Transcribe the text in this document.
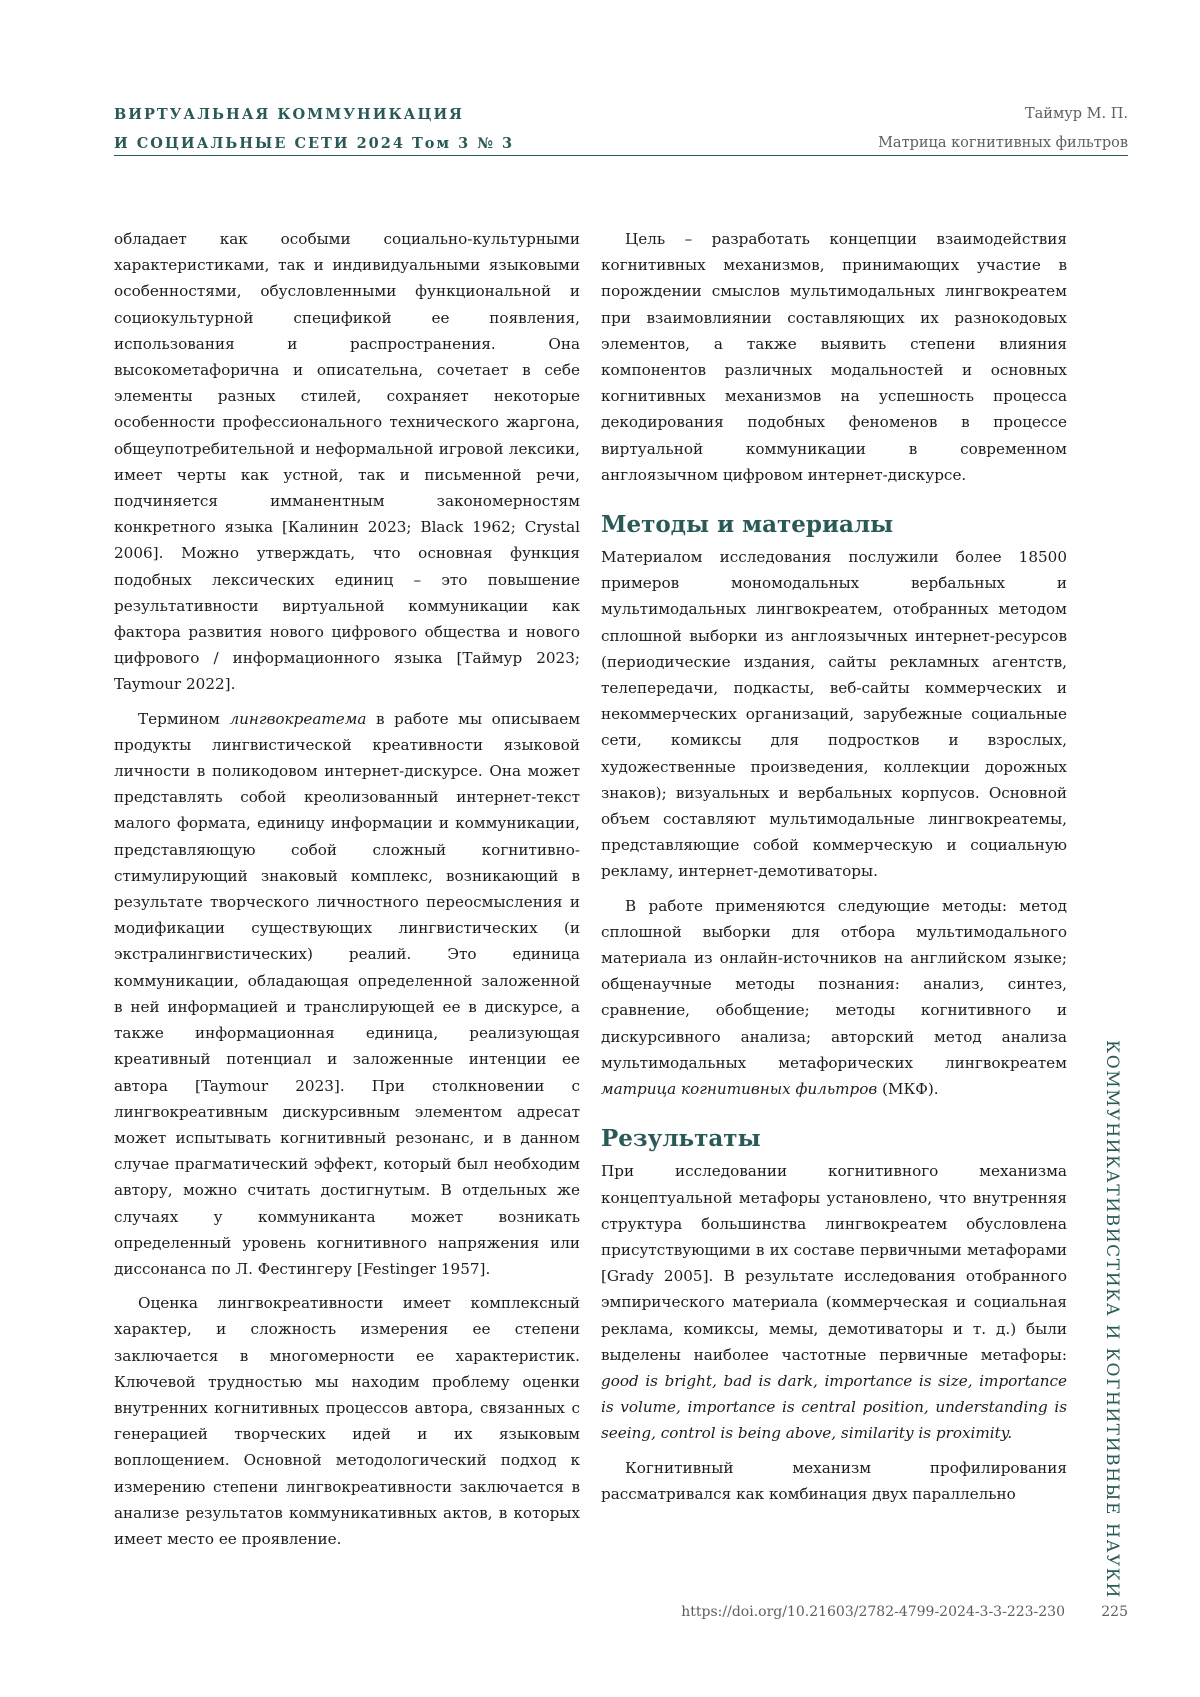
ВИРТУАЛЬНАЯ КОММУНИКАЦИЯ
И СОЦИАЛЬНЫЕ СЕТИ 2024 Том 3 № 3
Таймур М. П.
Матрица когнитивных фильтров

обладает как особыми социально-культурными характеристиками, так и индивидуальными языковыми особенностями, обусловленными функциональной и социокультурной спецификой ее появления, использования и распространения. Она высокометафорична и описательна, сочетает в себе элементы разных стилей, сохраняет некоторые особенности профессионального технического жаргона, общеупотребительной и неформальной игровой лексики, имеет черты как устной, так и письменной речи, подчиняется имманентным закономерностям конкретного языка [Калинин 2023; Black 1962; Crystal 2006]. Можно утверждать, что основная функция подобных лексических единиц – это повышение результативности виртуальной коммуникации как фактора развития нового цифрового общества и нового цифрового / информационного языка [Таймур 2023; Taymour 2022].

Термином лингвокреатема в работе мы описываем продукты лингвистической креативности языковой личности в поликодовом интернет-дискурсе. Она может представлять собой креолизованный интернет-текст малого формата, единицу информации и коммуникации, представляющую собой сложный когнитивно-стимулирующий знаковый комплекс, возникающий в результате творческого личностного переосмысления и модификации существующих лингвистических (и экстралингвистических) реалий. Это единица коммуникации, обладающая определенной заложенной в ней информацией и транслирующей ее в дискурсе, а также информационная единица, реализующая креативный потенциал и заложенные интенции ее автора [Taymour 2023]. При столкновении с лингвокреативным дискурсивным элементом адресат может испытывать когнитивный резонанс, и в данном случае прагматический эффект, который был необходим автору, можно считать достигнутым. В отдельных же случаях у коммуниканта может возникать определенный уровень когнитивного напряжения или диссонанса по Л. Фестингеру [Festinger 1957].

Оценка лингвокреативности имеет комплексный характер, и сложность измерения ее степени заключается в многомерности ее характеристик. Ключевой трудностью мы находим проблему оценки внутренних когнитивных процессов автора, связанных с генерацией творческих идей и их языковым воплощением. Основной методологический подход к измерению степени лингвокреативности заключается в анализе результатов коммуникативных актов, в которых имеет место ее проявление.

Цель – разработать концепции взаимодействия когнитивных механизмов, принимающих участие в порождении смыслов мультимодальных лингвокреатем при взаимовлиянии составляющих их разнокодовых элементов, а также выявить степени влияния компонентов различных модальностей и основных когнитивных механизмов на успешность процесса декодирования подобных феноменов в процессе виртуальной коммуникации в современном англоязычном цифровом интернет-дискурсе.

Методы и материалы

Материалом исследования послужили более 18500 примеров мономодальных вербальных и мультимодальных лингвокреатем, отобранных методом сплошной выборки из англоязычных интернет-ресурсов (периодические издания, сайты рекламных агентств, телепередачи, подкасты, веб-сайты коммерческих и некоммерческих организаций, зарубежные социальные сети, комиксы для подростков и взрослых, художественные произведения, коллекции дорожных знаков); визуальных и вербальных корпусов. Основной объем составляют мультимодальные лингвокреатемы, представляющие собой коммерческую и социальную рекламу, интернет-демотиваторы.

В работе применяются следующие методы: метод сплошной выборки для отбора мультимодального материала из онлайн-источников на английском языке; общенаучные методы познания: анализ, синтез, сравнение, обобщение; методы когнитивного и дискурсивного анализа; авторский метод анализа мультимодальных метафорических лингвокреатем матрица когнитивных фильтров (МКФ).

Результаты

При исследовании когнитивного механизма концептуальной метафоры установлено, что внутренняя структура большинства лингвокреатем обусловлена присутствующими в их составе первичными метафорами [Grady 2005]. В результате исследования отобранного эмпирического материала (коммерческая и социальная реклама, комиксы, мемы, демотиваторы и т. д.) были выделены наиболее частотные первичные метафоры: good is bright, bad is dark, importance is size, importance is volume, importance is central position, understanding is seeing, control is being above, similarity is proximity.

Когнитивный механизм профилирования рассматривался как комбинация двух параллельно	КОММУНИКАТИВИСТИКА И КОГНИТИВНЫЕ НАУКИ
https://doi.org/10.21603/2782-4799-2024-3-3-223-230	225
